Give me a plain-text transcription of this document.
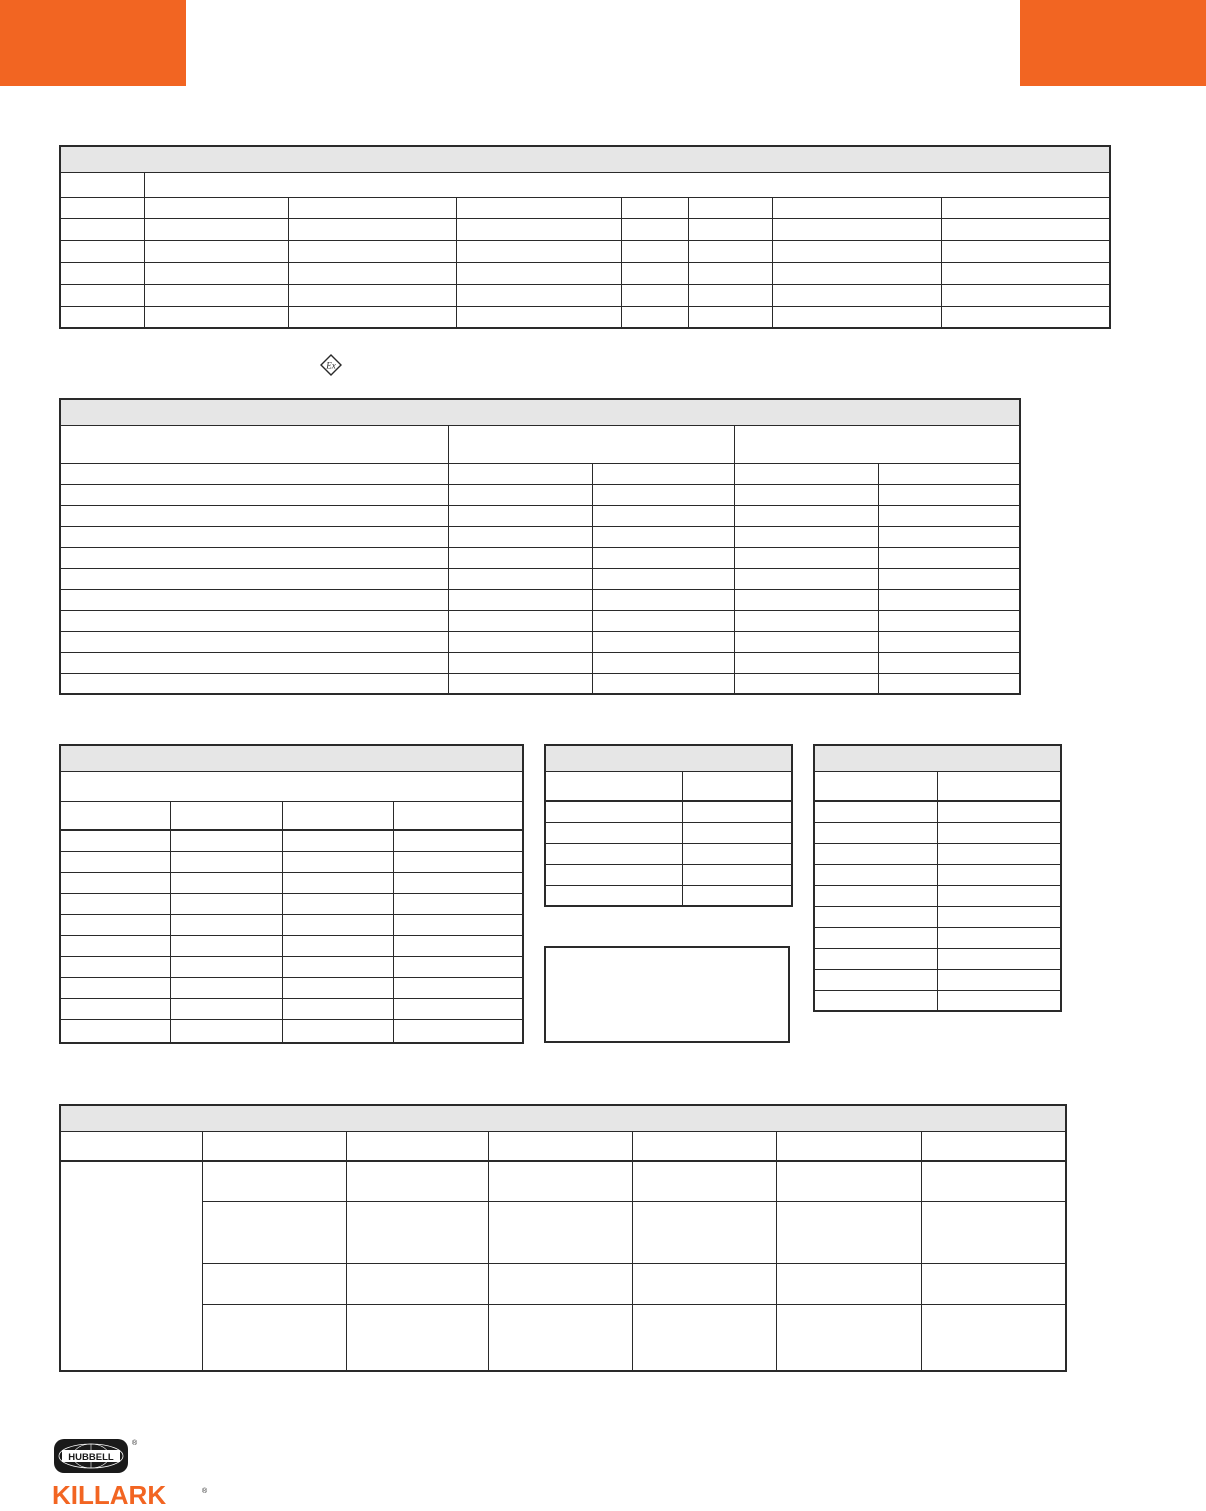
Ex

HUBBELL
®
KILLARK	®
